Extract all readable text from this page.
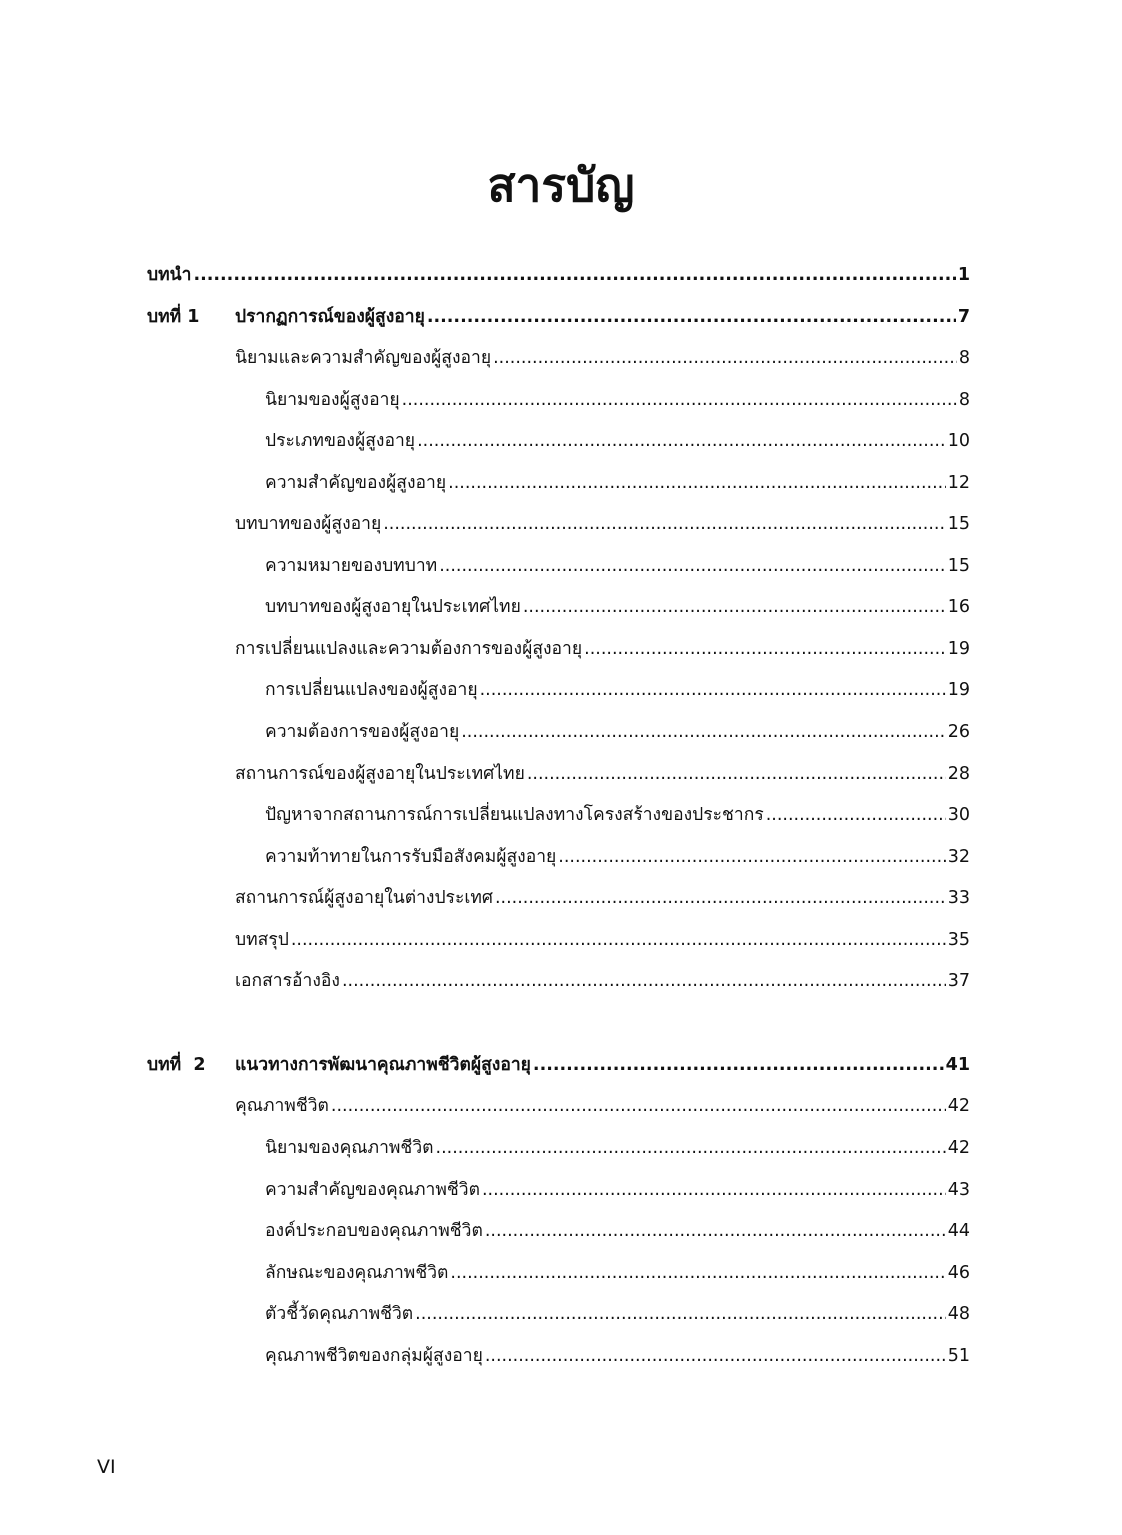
สารบัญ
บทนำ .....	1
บทที่ 1 ปรากฏการณ์ของผู้สูงอายุ .....	7
นิยามและความสำคัญของผู้สูงอายุ .....	8
นิยามของผู้สูงอายุ .....	8
ประเภทของผู้สูงอายุ .....	10
ความสำคัญของผู้สูงอายุ .....	12
บทบาทของผู้สูงอายุ .....	15
ความหมายของบทบาท .....	15
บทบาทของผู้สูงอายุในประเทศไทย .....	16
การเปลี่ยนแปลงและความต้องการของผู้สูงอายุ .....	19
การเปลี่ยนแปลงของผู้สูงอายุ .....	19
ความต้องการของผู้สูงอายุ .....	26
สถานการณ์ของผู้สูงอายุในประเทศไทย .....	28
ปัญหาจากสถานการณ์การเปลี่ยนแปลงทางโครงสร้างของประชากร .....	30
ความท้าทายในการรับมือสังคมผู้สูงอายุ .....	32
สถานการณ์ผู้สูงอายุในต่างประเทศ .....	33
บทสรุป .....	35
เอกสารอ้างอิง .....	37
บทที่  2 แนวทางการพัฒนาคุณภาพชีวิตผู้สูงอายุ .....	41
คุณภาพชีวิต .....	42
นิยามของคุณภาพชีวิต .....	42
ความสำคัญของคุณภาพชีวิต .....	43
องค์ประกอบของคุณภาพชีวิต .....	44
ลักษณะของคุณภาพชีวิต .....	46
ตัวชี้วัดคุณภาพชีวิต .....	48
คุณภาพชีวิตของกลุ่มผู้สูงอายุ .....	51
VI
